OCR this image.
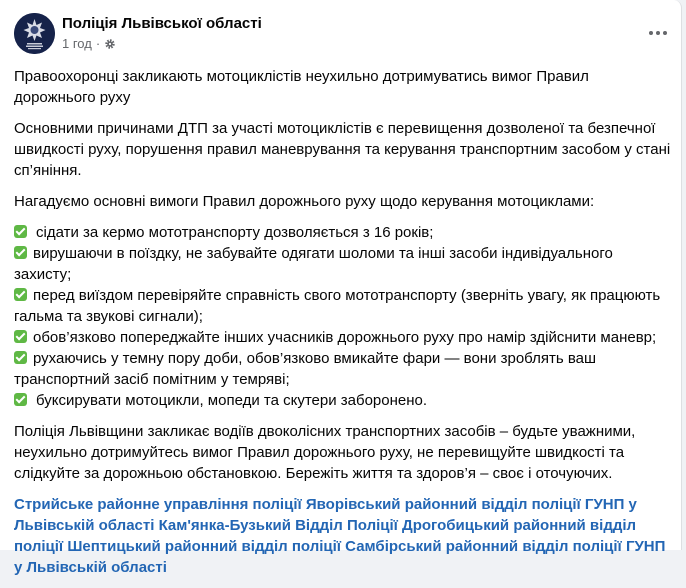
Поліція Львівської області
1 год ·

Правоохоронці закликають мотоциклістів неухильно дотримуватись вимог Правил дорожнього руху

Основними причинами ДТП за участі мотоциклістів є перевищення дозволеної та безпечної швидкості руху, порушення правил маневрування та керування транспортним засобом у стані сп’яніння.

Нагадуємо основні вимоги Правил дорожнього руху щодо керування мотоциклами:

сідати за кермо мототранспорту дозволяється з 16 років;
вирушаючи в поїздку, не забувайте одягати шоломи та інші засоби індивідуального захисту;
перед виїздом перевіряйте справність свого мототранспорту (зверніть увагу, як працюють гальма та звукові сигнали);
обов’язково попереджайте інших учасників дорожнього руху про намір здійснити маневр;
рухаючись у темну пору доби, обов’язково вмикайте фари — вони зроблять ваш транспортний засіб помітним у темряві;
буксирувати мотоцикли, мопеди та скутери заборонено.

Поліція Львівщини закликає водіїв двоколісних транспортних засобів – будьте уважними, неухильно дотримуйтесь вимог Правил дорожнього руху, не перевищуйте швидкості та слідкуйте за дорожньою обстановкою. Бережіть життя та здоров’я – своє і оточуючих.

Стрийське районне управління поліції Яворівський районний відділ поліції ГУНП у Львівській області Кам'янка-Бузький Відділ Поліції Дрогобицький районний відділ поліції Шептицький районний відділ поліції Самбірський районний відділ поліції ГУНП у Львівській області
